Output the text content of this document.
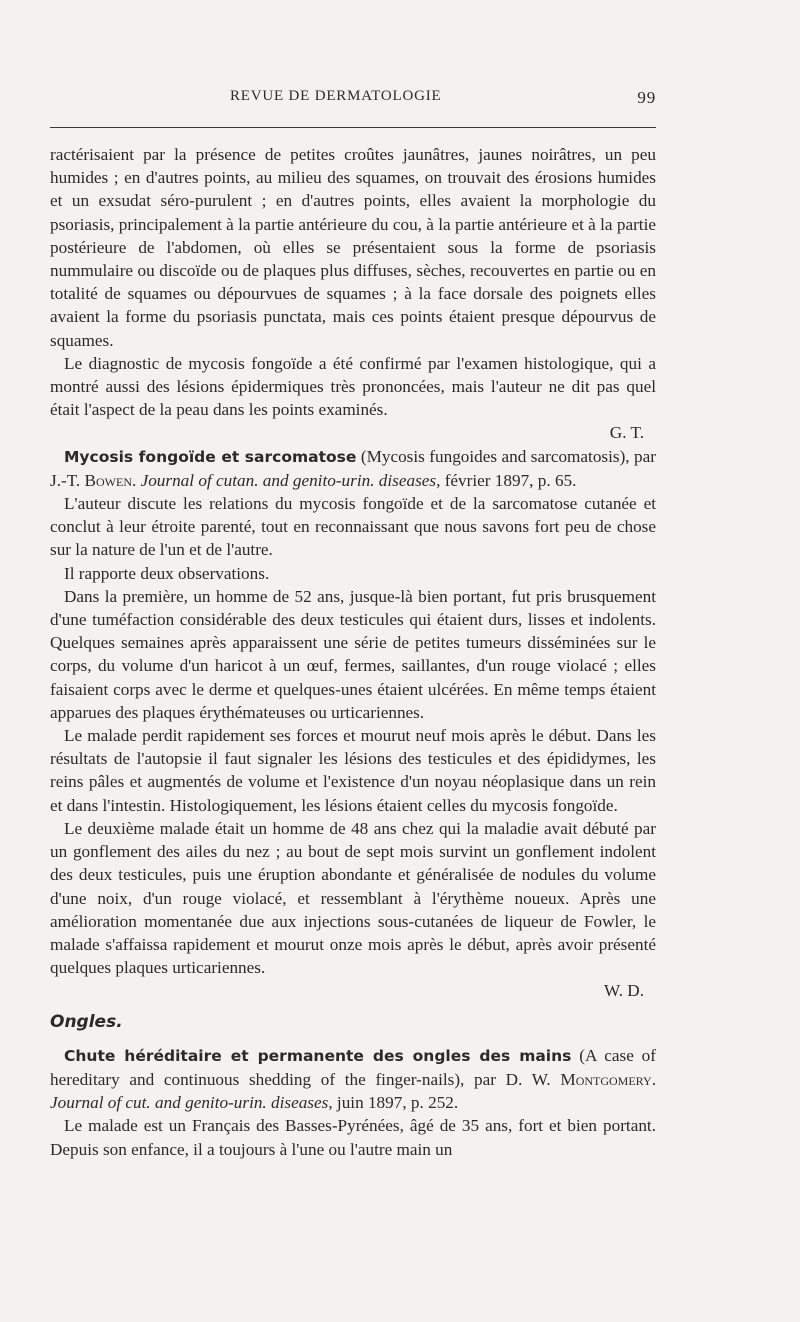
REVUE DE DERMATOLOGIE	99

ractérisaient par la présence de petites croûtes jaunâtres, jaunes noirâtres, un peu humides ; en d'autres points, au milieu des squames, on trouvait des érosions humides et un exsudat séro-purulent ; en d'autres points, elles avaient la morphologie du psoriasis, principalement à la partie antérieure du cou, à la partie antérieure et à la partie postérieure de l'abdomen, où elles se présentaient sous la forme de psoriasis nummulaire ou discoïde ou de plaques plus diffuses, sèches, recouvertes en partie ou en totalité de squames ou dépourvues de squames ; à la face dorsale des poignets elles avaient la forme du psoriasis punctata, mais ces points étaient presque dépourvus de squames.

Le diagnostic de mycosis fongoïde a été confirmé par l'examen histologique, qui a montré aussi des lésions épidermiques très prononcées, mais l'auteur ne dit pas quel était l'aspect de la peau dans les points examinés.

G. T.

Mycosis fongoïde et sarcomatose (Mycosis fungoides and sarcomatosis), par J.-T. Bowen. Journal of cutan. and genito-urin. diseases, février 1897, p. 65.

L'auteur discute les relations du mycosis fongoïde et de la sarcomatose cutanée et conclut à leur étroite parenté, tout en reconnaissant que nous savons fort peu de chose sur la nature de l'un et de l'autre.

Il rapporte deux observations.

Dans la première, un homme de 52 ans, jusque-là bien portant, fut pris brusquement d'une tuméfaction considérable des deux testicules qui étaient durs, lisses et indolents. Quelques semaines après apparaissent une série de petites tumeurs disséminées sur le corps, du volume d'un haricot à un œuf, fermes, saillantes, d'un rouge violacé ; elles faisaient corps avec le derme et quelques-unes étaient ulcérées. En même temps étaient apparues des plaques érythémateuses ou urticariennes.

Le malade perdit rapidement ses forces et mourut neuf mois après le début. Dans les résultats de l'autopsie il faut signaler les lésions des testicules et des épididymes, les reins pâles et augmentés de volume et l'existence d'un noyau néoplasique dans un rein et dans l'intestin. Histologiquement, les lésions étaient celles du mycosis fongoïde.

Le deuxième malade était un homme de 48 ans chez qui la maladie avait débuté par un gonflement des ailes du nez ; au bout de sept mois survint un gonflement indolent des deux testicules, puis une éruption abondante et généralisée de nodules du volume d'une noix, d'un rouge violacé, et ressemblant à l'érythème noueux. Après une amélioration momentanée due aux injections sous-cutanées de liqueur de Fowler, le malade s'affaissa rapidement et mourut onze mois après le début, après avoir présenté quelques plaques urticariennes.

W. D.

Ongles.

Chute héréditaire et permanente des ongles des mains (A case of hereditary and continuous shedding of the finger-nails), par D. W. Montgomery. Journal of cut. and genito-urin. diseases, juin 1897, p. 252.

Le malade est un Français des Basses-Pyrénées, âgé de 35 ans, fort et bien portant. Depuis son enfance, il a toujours à l'une ou l'autre main un
